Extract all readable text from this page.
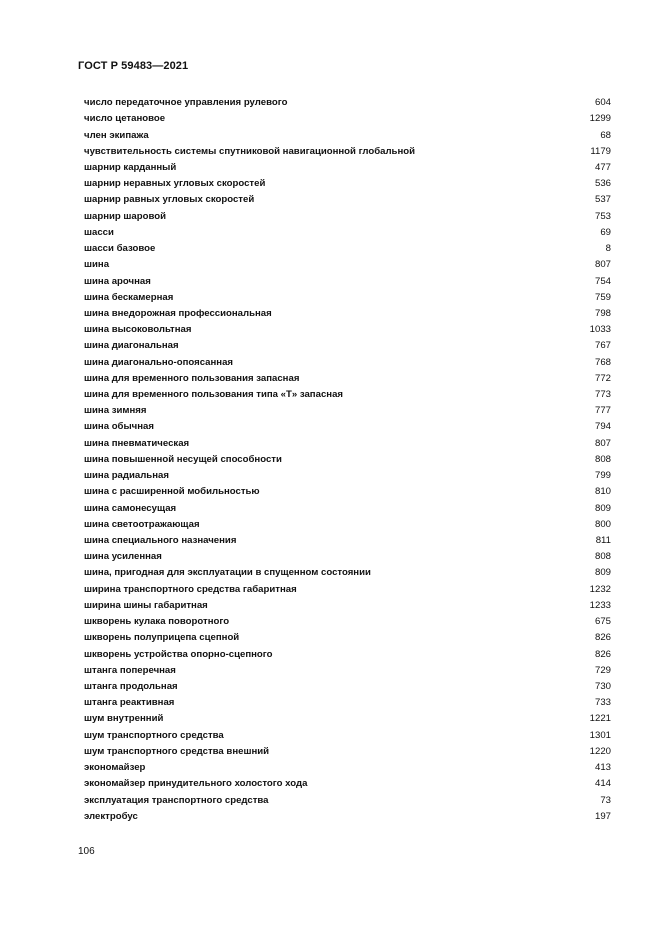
ГОСТ Р 59483—2021
число передаточное управления рулевого	604
число цетановое	1299
член экипажа	68
чувствительность системы спутниковой навигационной глобальной	1179
шарнир карданный	477
шарнир неравных угловых скоростей	536
шарнир равных угловых скоростей	537
шарнир шаровой	753
шасси	69
шасси базовое	8
шина	807
шина арочная	754
шина бескамерная	759
шина внедорожная профессиональная	798
шина высоковольтная	1033
шина диагональная	767
шина диагонально-опоясанная	768
шина для временного пользования запасная	772
шина для временного пользования типа «Т» запасная	773
шина зимняя	777
шина обычная	794
шина пневматическая	807
шина повышенной несущей способности	808
шина радиальная	799
шина с расширенной мобильностью	810
шина самонесущая	809
шина светоотражающая	800
шина специального назначения	811
шина усиленная	808
шина, пригодная для эксплуатации в спущенном состоянии	809
ширина транспортного средства габаритная	1232
ширина шины габаритная	1233
шкворень кулака поворотного	675
шкворень полуприцепа сцепной	826
шкворень устройства опорно-сцепного	826
штанга поперечная	729
штанга продольная	730
штанга реактивная	733
шум внутренний	1221
шум транспортного средства	1301
шум транспортного средства внешний	1220
экономайзер	413
экономайзер принудительного холостого хода	414
эксплуатация транспортного средства	73
электробус	197
106
